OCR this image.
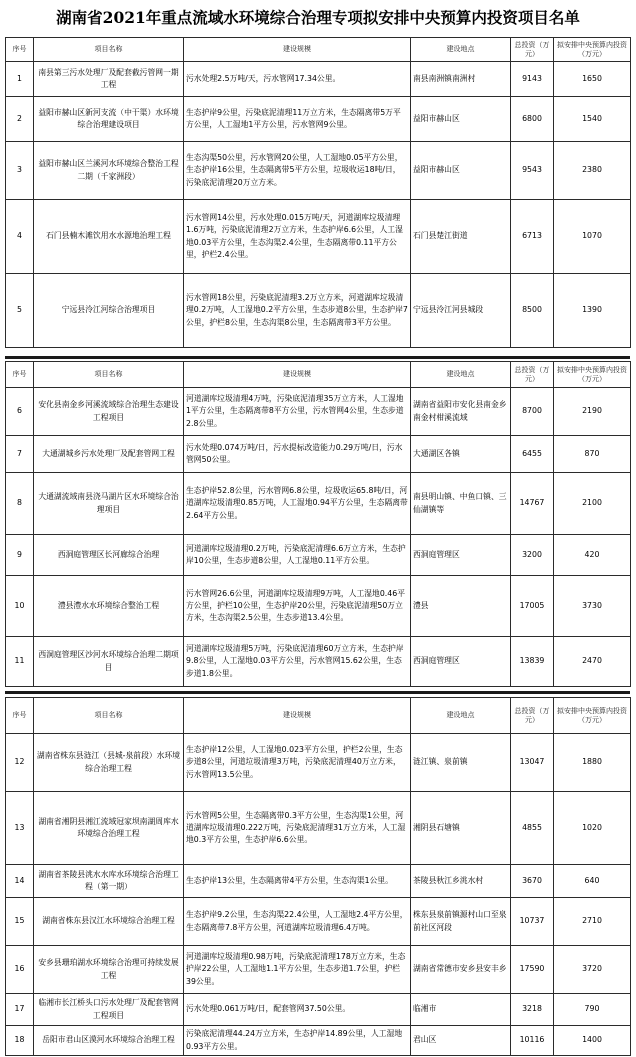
湖南省2021年重点流域水环境综合治理专项拟安排中央预算内投资项目名单
序号	项目名称	建设规模	建设地点	总投资（万元）	拟安排中央预算内投资（万元）
1	南县第三污水处理厂及配套截污管网一期工程	污水处理2.5万吨/天，污水管网17.34公里。	南县南洲镇南洲村	9143	1650
2	益阳市赫山区新河支流（中干渠）水环境综合治理建设项目	生态护岸9公里，污染底泥清理11万立方米，生态隔离带5万平方公里，人工湿地1平方公里，污水管网9公里。	益阳市赫山区	6800	1540
3	益阳市赫山区兰溪河水环境综合整治工程二期（千家洲段）	生态沟渠50公里，污水管网20公里，人工湿地0.05平方公里，生态护岸16公里，生态隔离带5平方公里，垃圾收运18吨/日，污染底泥清理20万立方米。	益阳市赫山区	9543	2380
4	石门县楠木滩饮用水水源地治理工程	污水管网14公里，污水处理0.015万吨/天，河道湖库垃圾清理1.6万吨，污染底泥清理2万立方米，生态护岸6.6公里，人工湿地0.03平方公里，生态沟渠2.4公里，生态隔离带0.11平方公里，护栏2.4公里。	石门县楚江街道	6713	1070
5	宁远县泠江河综合治理项目	污水管网18公里，污染底泥清理3.2万立方米，河道湖库垃圾清理0.2万吨，人工湿地0.2平方公里，生态步道8公里，生态护岸7公里，护栏8公里，生态沟渠8公里，生态隔离带3平方公里。	宁远县泠江河县城段	8500	1390
序号	项目名称	建设规模	建设地点	总投资（万元）	拟安排中央预算内投资（万元）
6	安化县南金乡河溪流域综合治理生态建设工程项目	河道湖库垃圾清理4万吨，污染底泥清理35万立方米，人工湿地1平方公里，生态隔离带8平方公里，污水管网4公里，生态步道2.8公里。	湖南省益阳市安化县南金乡南金村柑溪流域	8700	2190
7	大通湖城乡污水处理厂及配套管网工程	污水处理0.074万吨/日，污水提标改造能力0.29万吨/日，污水管网50公里。	大通湖区各镇	6455	870
8	大通湖流域南县浇马湖片区水环境综合治理项目	生态护岸52.8公里，污水管网6.8公里，垃圾收运65.8吨/日，河道湖库垃圾清理0.85万吨，人工湿地0.94平方公里，生态隔离带2.64平方公里。	南县明山镇、中鱼口镇、三仙湖镇等	14767	2100
9	西洞庭管理区长河廊综合治理	河道湖库垃圾清理0.2万吨，污染底泥清理6.6万立方米，生态护岸10公里，生态步道8公里，人工湿地0.11平方公里。	西洞庭管理区	3200	420
10	澧县澧水水环境综合整治工程	污水管网26.6公里，河道湖库垃圾清理9万吨，人工湿地0.46平方公里，护栏10公里，生态护岸20公里，污染底泥清理50万立方米，生态沟渠2.5公里，生态步道13.4公里。	澧县	17005	3730
11	西洞庭管理区沙河水环境综合治理二期项目	河道湖库垃圾清理5万吨，污染底泥清理60万立方米，生态护岸9.8公里，人工湿地0.03平方公里，污水管网15.62公里，生态步道1.8公里。	西洞庭管理区	13839	2470
序号	项目名称	建设规模	建设地点	总投资（万元）	拟安排中央预算内投资（万元）
12	湖南省株东县涟江（县城-泉前段）水环境综合治理工程	生态护岸12公里，人工湿地0.023平方公里，护栏2公里，生态步道8公里，河道垃圾清理3万吨，污染底泥清理40万立方米，污水管网13.5公里。	涟江镇、泉前镇	13047	1880
13	湖南省湘阴县湘江流域冠家坝南湖周库水环境综合治理工程	污水管网5公里，生态隔离带0.3平方公里，生态沟渠1公里，河道湖库垃圾清理0.222万吨，污染底泥清理31万立方米，人工湿地0.3平方公里，生态护岸6.6公里。	湘阴县石塘镇	4855	1020
14	湖南省茶陵县洮水水库水环境综合治理工程（第一期）	生态护岸13公里，生态隔离带4平方公里，生态沟渠1公里。	茶陵县秋江乡洮水村	3670	640
15	湖南省株东县汉江水环境综合治理工程	生态护岸9.2公里，生态沟渠22.4公里，人工湿地2.4平方公里，生态隔离带7.8平方公里，河道湖库垃圾清理6.4万吨。	株东县泉前镇源村山口至泉前社区河段	10737	2710
16	安乡县珊珀湖水环境综合治理可持续发展工程	河道湖库垃圾清理0.98万吨，污染底泥清理178万立方米，生态护岸22公里，人工湿地1.1平方公里，生态步道1.7公里，护栏39公里。	湖南省常德市安乡县安丰乡	17590	3720
17	临湘市长江桥头口污水处理厂及配套管网工程项目	污水处理0.061万吨/日，配套管网37.50公里。	临湘市	3218	790
18	岳阳市君山区漠河水环境综合治理工程	污染底泥清理44.24万立方米，生态护岸14.89公里，人工湿地0.93平方公里。	君山区	10116	1400
